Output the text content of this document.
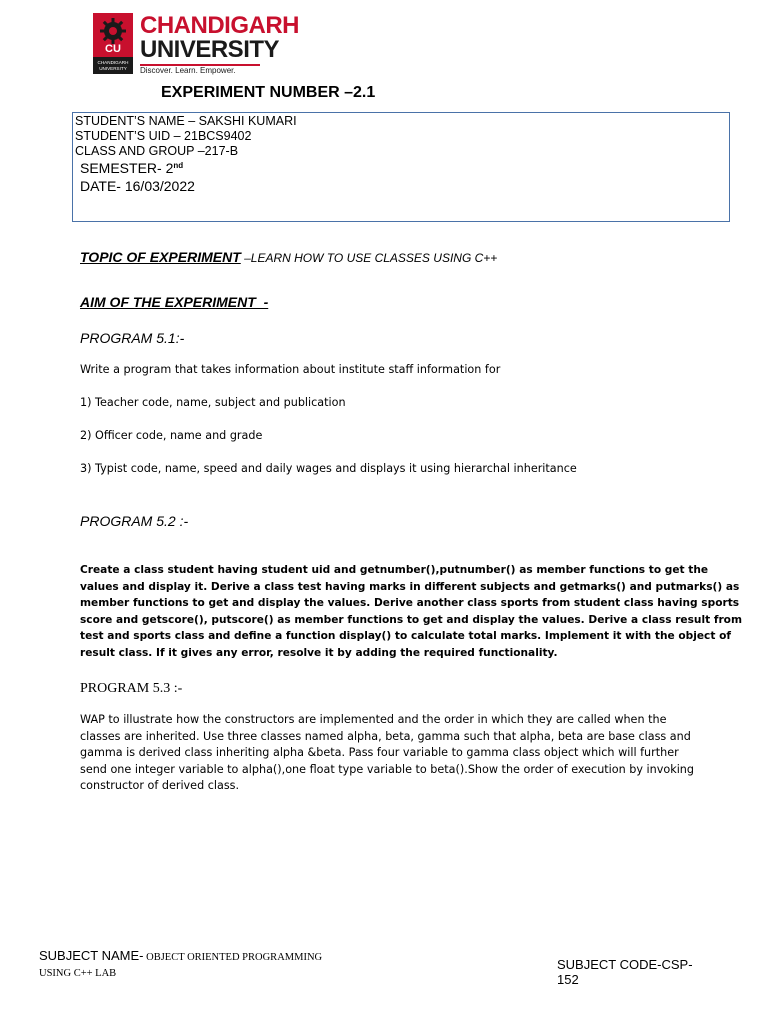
CU
CHANDIGARH UNIVERSITY
CHANDIGARH
UNIVERSITY
Discover. Learn. Empower.
EXPERIMENT NUMBER –2.1
STUDENT’S NAME – SAKSHI KUMARI
STUDENT’S UID – 21BCS9402
CLASS AND GROUP –217-B
SEMESTER- 2nd
DATE- 16/03/2022
TOPIC OF EXPERIMENT –LEARN HOW TO USE CLASSES USING C++
AIM OF THE EXPERIMENT  -
PROGRAM 5.1:-
Write a program that takes information about institute staff information for
1) Teacher code, name, subject and publication
2) Officer code, name and grade
3) Typist code, name, speed and daily wages and displays it using hierarchal inheritance
PROGRAM 5.2 :-
Create a class student having student uid and getnumber(),putnumber() as member functions to get the
values and display it. Derive a class test having marks in different subjects and getmarks() and putmarks() as
member functions to get and display the values. Derive another class sports from student class having sports
score and getscore(), putscore() as member functions to get and display the values. Derive a class result from
test and sports class and define a function display() to calculate total marks. Implement it with the object of
result class. If it gives any error, resolve it by adding the required functionality.
PROGRAM 5.3 :-
WAP to illustrate how the constructors are implemented and the order in which they are called when the
classes are inherited. Use three classes named alpha, beta, gamma such that alpha, beta are base class and
gamma is derived class inheriting alpha &beta. Pass four variable to gamma class object which will further
send one integer variable to alpha(),one float type variable to beta().Show the order of execution by invoking
constructor of derived class.
SUBJECT NAME- OBJECT ORIENTED PROGRAMMING
USING C++ LAB
SUBJECT CODE-CSP-
152
